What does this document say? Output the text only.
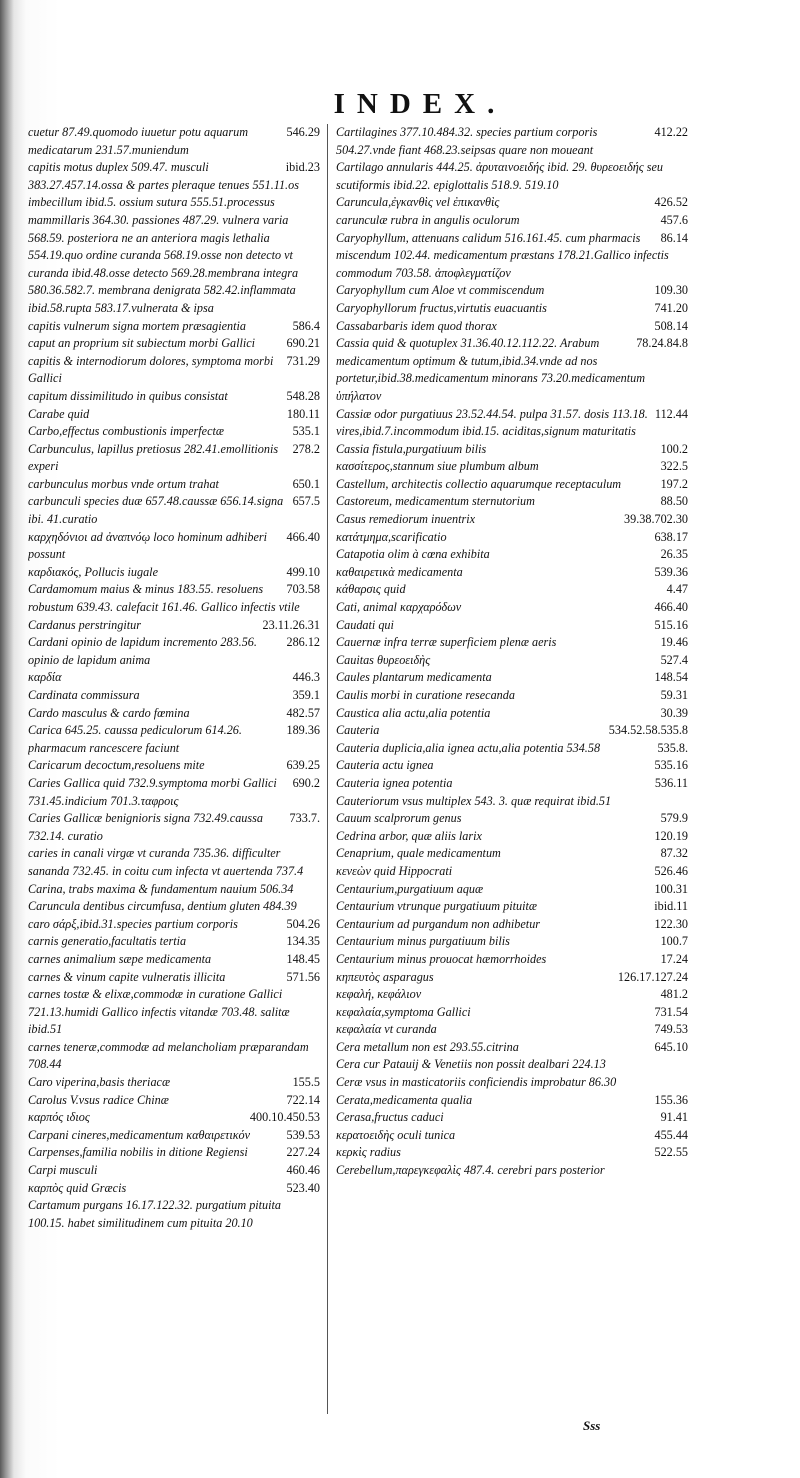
INDEX.
546.29
cuetur 87.49.quomodo iuuetur potu aquarum medicatarum 231.57.muniendum
ibid.23
capitis motus duplex 509.47. musculi 383.27.457.14.ossa & partes pleraque tenues 551.11.os imbecillum ibid.5. ossium sutura 555.51.processus mammillaris 364.30. passiones 487.29. vulnera varia 568.59. posteriora ne an anteriora magis lethalia 554.19.quo ordine curanda 568.19.osse non detecto vt curanda ibid.48.osse detecto 569.28.membrana integra 580.36.582.7. membrana denigrata 582.42.inflammata ibid.58.rupta 583.17.vulnerata & ipsa
586.4
capitis vulnerum signa mortem præsagientia
690.21
caput an proprium sit subiectum morbi Gallici
731.29
capitis & internodiorum dolores, symptoma morbi Gallici
548.28
capitum dissimilitudo in quibus consistat
180.11
Carabe quid
535.1
Carbo,effectus combustionis imperfectæ
278.2
Carbunculus, lapillus pretiosus 282.41.emollitionis experi
650.1
carbunculus morbus vnde ortum trahat
657.5
carbunculi species duæ 657.48.caussæ 656.14.signa ibi. 41.curatio
466.40
καρχηδόνιοι ad ἀναπνόῳ loco hominum adhiberi possunt
499.10
καρδιακός, Pollucis iugale
703.58
Cardamomum maius & minus 183.55. resoluens robustum 639.43. calefacit 161.46. Gallico infectis vtile
23.11.26.31
Cardanus perstringitur
286.12
Cardani opinio de lapidum incremento 283.56. opinio de lapidum anima
446.3
καρδία
359.1
Cardinata commissura
482.57
Cardo masculus & cardo fœmina
189.36
Carica 645.25. caussa pediculorum 614.26. pharmacum rancescere faciunt
639.25
Caricarum decoctum,resoluens mite
690.2
Caries Gallica quid 732.9.symptoma morbi Gallici 731.45.indicium 701.3.ταφροις
733.7.
Caries Gallicæ benignioris signa 732.49.caussa 732.14. curatio
caries in canali virgæ vt curanda 735.36. difficulter sananda 732.45. in coitu cum infecta vt auertenda 737.4
Carina, trabs maxima & fundamentum nauium 506.34
Caruncula dentibus circumfusa, dentium gluten 484.39
504.26
caro σάρξ,ibid.31.species partium corporis
134.35
carnis generatio,facultatis tertia
148.45
carnes animalium sæpe medicamenta
571.56
carnes & vinum capite vulneratis illicita
carnes tostæ & elixæ,commodæ in curatione Gallici 721.13.humidi Gallico infectis vitandæ 703.48. salitæ ibid.51
carnes teneræ,commodæ ad melancholiam præparandam 708.44
155.5
Caro viperina,basis theriacæ
722.14
Carolus V.vsus radice Chinæ
400.10.450.53
καρπός ιδιος
539.53
Carpani cineres,medicamentum καθαιρετικόν
227.24
Carpenses,familia nobilis in ditione Regiensi
460.46
Carpi musculi
523.40
καρπὸς quid Græcis
Cartamum purgans 16.17.122.32. purgatium pituita 100.15. habet similitudinem cum pituita 20.10
412.22
Cartilagines 377.10.484.32. species partium corporis 504.27.vnde fiant 468.23.seipsas quare non moueant
Cartilago annularis 444.25. ἀρυταινοειδής ibid. 29. θυρεοειδής seu scutiformis ibid.22. epiglottalis 518.9. 519.10
426.52
Caruncula,ἐγκανθὶς vel ἐπικανθὶς
457.6
carunculæ rubra in angulis oculorum
86.14
Caryophyllum, attenuans calidum 516.161.45. cum pharmacis miscendum 102.44. medicamentum præstans 178.21.Gallico infectis commodum 703.58. ἀποφλεγματίζον
109.30
Caryophyllum cum Aloe vt commiscendum
741.20
Caryophyllorum fructus,virtutis euacuantis
508.14
Cassabarbaris idem quod thorax
78.24.84.8
Cassia quid & quotuplex 31.36.40.12.112.22. Arabum medicamentum optimum & tutum,ibid.34.vnde ad nos portetur,ibid.38.medicamentum minorans 73.20.medicamentum ὑπήλατον
112.44
Cassiæ odor purgatiuus 23.52.44.54. pulpa 31.57. dosis 113.18. vires,ibid.7.incommodum ibid.15. aciditas,signum maturitatis
100.2
Cassia fistula,purgatiuum bilis
322.5
κασσίτερος,stannum siue plumbum album
197.2
Castellum, architectis collectio aquarumque receptaculum
88.50
Castoreum, medicamentum sternutorium
39.38.702.30
Casus remediorum inuentrix
638.17
κατάτμημα,scarificatio
26.35
Catapotia olim à cœna exhibita
539.36
καθαιρετικὰ medicamenta
4.47
κάθαρσις quid
466.40
Cati, animal καρχαρόδων
515.16
Caudati qui
19.46
Cauernæ infra terræ superficiem plenæ aeris
527.4
Cauitas θυρεοειδὴς
148.54
Caules plantarum medicamenta
59.31
Caulis morbi in curatione resecanda
30.39
Caustica alia actu,alia potentia
534.52.58.535.8
Cauteria
535.8.
Cauteria duplicia,alia ignea actu,alia potentia 534.58
535.16
Cauteria actu ignea
536.11
Cauteria ignea potentia
Cauteriorum vsus multiplex 543. 3. quæ requirat ibid.51
579.9
Cauum scalprorum genus
120.19
Cedrina arbor, quæ aliis larix
87.32
Cenaprium, quale medicamentum
526.46
κενεὼν quid Hippocrati
100.31
Centaurium,purgatiuum aquæ
ibid.11
Centaurium vtrunque purgatiuum pituitæ
122.30
Centaurium ad purgandum non adhibetur
100.7
Centaurium minus purgatiuum bilis
17.24
Centaurium minus prouocat hæmorrhoides
126.17.127.24
κηπευτὸς asparagus
481.2
κεφαλή, κεφάλιον
731.54
κεφαλαία,symptoma Gallici
749.53
κεφαλαία vt curanda
645.10
Cera metallum non est 293.55.citrina
Cera cur Patauij & Venetiis non possit dealbari 224.13
Ceræ vsus in masticatoriis conficiendis improbatur 86.30
155.36
Cerata,medicamenta qualia
91.41
Cerasa,fructus caduci
455.44
κερατοειδὴς oculi tunica
522.55
κερκὶς radius
Cerebellum,παρεγκεφαλὶς 487.4. cerebri pars posterior
Sss
